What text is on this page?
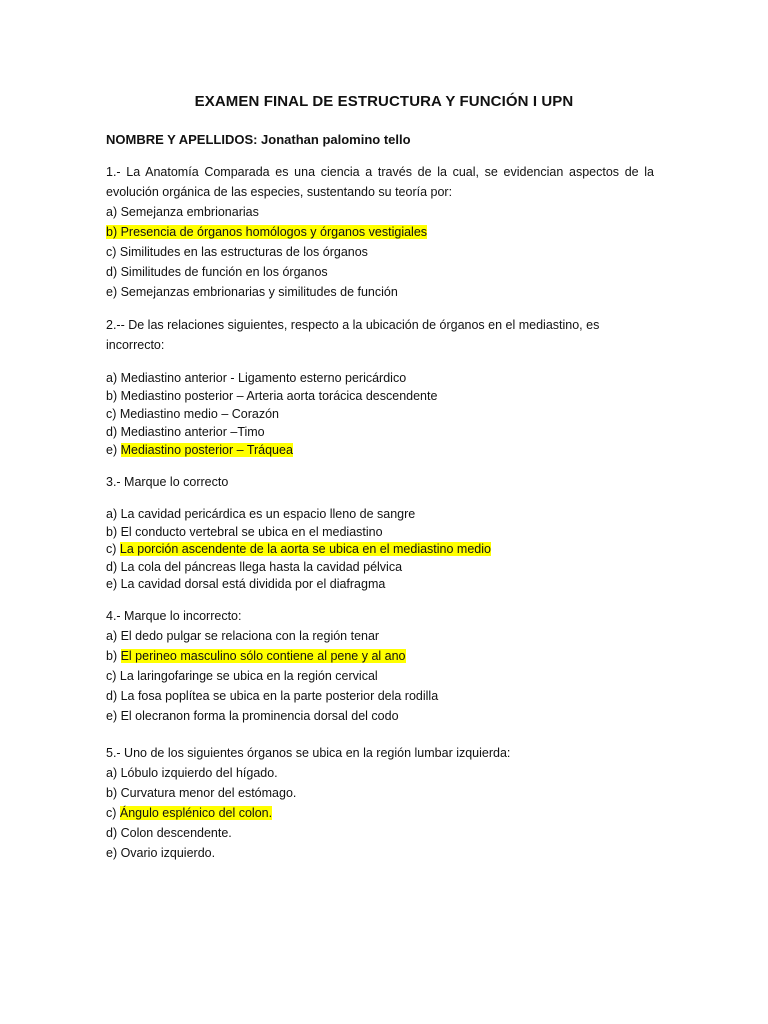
EXAMEN FINAL DE ESTRUCTURA Y FUNCIÓN I UPN
NOMBRE Y APELLIDOS: Jonathan palomino tello

1.- La Anatomía Comparada es una ciencia a través de la cual, se evidencian aspectos de la

evolución orgánica de las especies, sustentando su teoría por:

a) Semejanza embrionarias

b) Presencia de órganos homólogos y órganos vestigiales

c) Similitudes en las estructuras de los órganos

d) Similitudes de función en los órganos

e) Semejanzas embrionarias y similitudes de función

2.-- De las relaciones siguientes, respecto a la ubicación de órganos en el mediastino, es

incorrecto:

a) Mediastino anterior - Ligamento esterno pericárdico

b) Mediastino posterior – Arteria aorta torácica descendente

c) Mediastino medio – Corazón

d) Mediastino anterior –Timo

e) Mediastino posterior – Tráquea

3.- Marque lo correcto

a) La cavidad pericárdica es un espacio lleno de sangre

b) El conducto vertebral se ubica en el mediastino

c) La porción ascendente de la aorta se ubica en el mediastino medio

d) La cola del páncreas llega hasta la cavidad pélvica

e) La cavidad dorsal está dividida por el diafragma

4.- Marque lo incorrecto:

a) El dedo pulgar se relaciona con la región tenar

b) El perineo masculino sólo contiene al pene y al ano

c) La laringofaringe se ubica en la región cervical

d) La fosa poplítea se ubica en la parte posterior dela rodilla

e) El olecranon forma la prominencia dorsal del codo

5.- Uno de los siguientes órganos se ubica en la región lumbar izquierda:

a) Lóbulo izquierdo del hígado.

b) Curvatura menor del estómago.

c) Ángulo esplénico del colon.

d) Colon descendente.

e) Ovario izquierdo.
